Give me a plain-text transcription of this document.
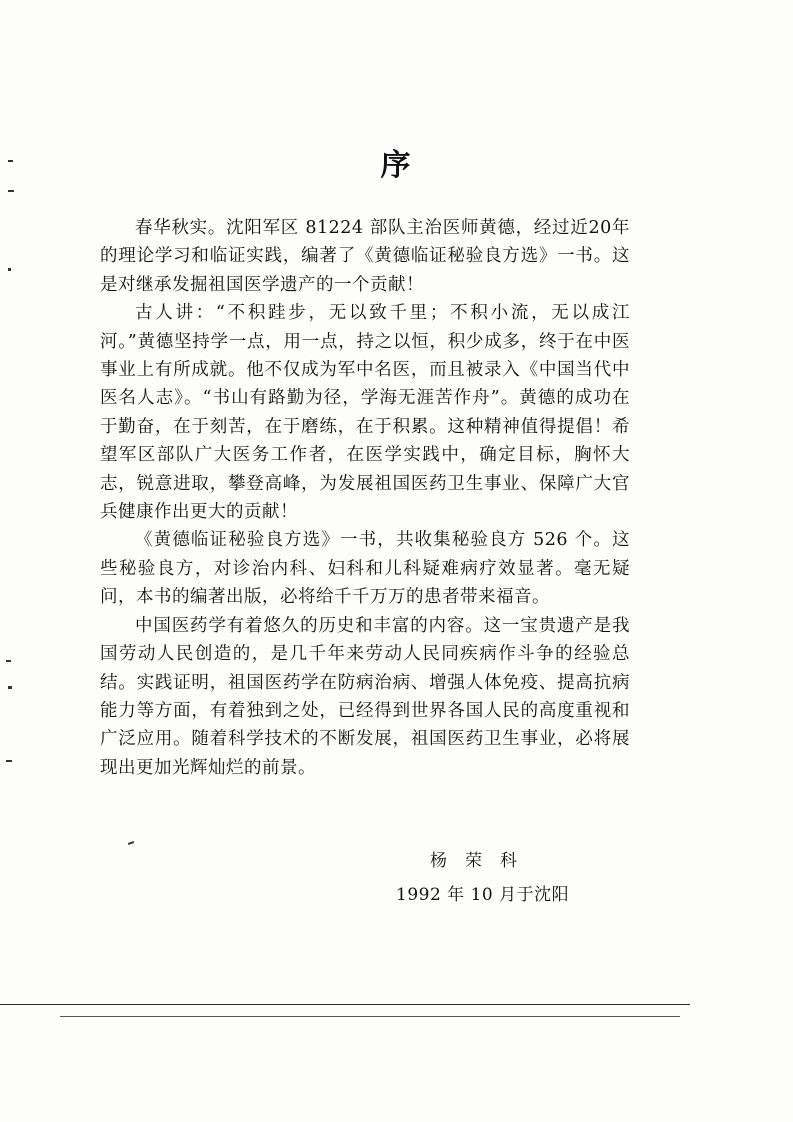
序

春华秋实。沈阳军区 81224 部队主治医师黄德，经过近20年的理论学习和临证实践，编著了《黄德临证秘验良方选》一书。这是对继承发掘祖国医学遗产的一个贡献！

古人讲：“不积跬步，无以致千里；不积小流，无以成江河。”黄德坚持学一点，用一点，持之以恒，积少成多，终于在中医事业上有所成就。他不仅成为军中名医，而且被录入《中国当代中医名人志》。“书山有路勤为径，学海无涯苦作舟”。黄德的成功在于勤奋，在于刻苦，在于磨练，在于积累。这种精神值得提倡！希望军区部队广大医务工作者，在医学实践中，确定目标，胸怀大志，锐意进取，攀登高峰，为发展祖国医药卫生事业、保障广大官兵健康作出更大的贡献！

《黄德临证秘验良方选》一书，共收集秘验良方 526 个。这些秘验良方，对诊治内科、妇科和儿科疑难病疗效显著。毫无疑问，本书的编著出版，必将给千千万万的患者带来福音。

中国医药学有着悠久的历史和丰富的内容。这一宝贵遗产是我国劳动人民创造的，是几千年来劳动人民同疾病作斗争的经验总结。实践证明，祖国医药学在防病治病、增强人体免疫、提高抗病能力等方面，有着独到之处，已经得到世界各国人民的高度重视和广泛应用。随着科学技术的不断发展，祖国医药卫生事业，必将展现出更加光辉灿烂的前景。

杨荣科
1992 年 10 月于沈阳
